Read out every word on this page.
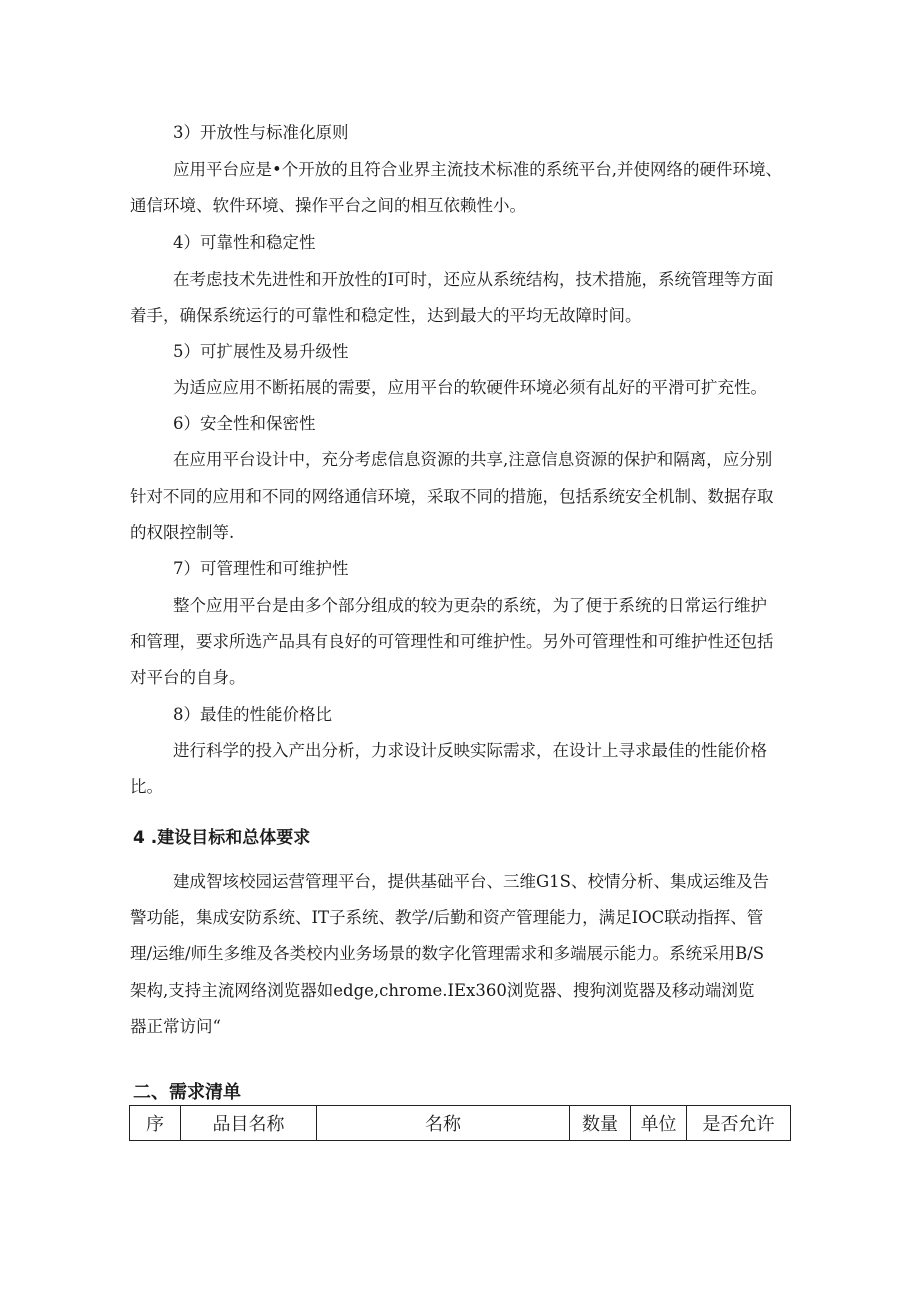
3）开放性与标准化原则
应用平台应是•个开放的且符合业界主流技术标准的系统平台,并使网络的硬件环境、
通信环境、软件环境、操作平台之间的相互依赖性小。
4）可靠性和稳定性
在考虑技术先进性和开放性的I可时，还应从系统结构，技术措施，系统管理等方面
着手，确保系统运行的可靠性和稳定性，达到最大的平均无故障时间。
5）可扩展性及易升级性
为适应应用不断拓展的需要，应用平台的软硬件环境必须有乩好的平滑可扩充性。
6）安全性和保密性
在应用平台设计中，充分考虑信息资源的共享,注意信息资源的保护和隔离，应分别
针对不同的应用和不同的网络通信环境，采取不同的措施，包括系统安全机制、数据存取
的权限控制等.
7）可管理性和可维护性
整个应用平台是由多个部分组成的较为更杂的系统，为了便于系统的日常运行维护
和管理，要求所选产品具有良好的可管理性和可维护性。另外可管理性和可维护性还包括
对平台的自身。
8）最佳的性能价格比
进行科学的投入产出分析，力求设计反映实际需求，在设计上寻求最佳的性能价格
比。
4 .建设目标和总体要求
建成智垓校园运营管理平台，提供基础平台、三维G1S、校情分析、集成运维及告
警功能，集成安防系统、IT子系统、教学/后勤和资产管理能力，满足IOC联动指挥、管
理/运维/师生多维及各类校内业务场景的数字化管理需求和多端展示能力。系统采用B/S
架构,支持主流网络浏览器如edge,chrome.IEx360浏览器、搜狗浏览器及移动端浏览
器正常访问“
二、需求清单
序	品目名称	名称	数量	单位	是否允许
